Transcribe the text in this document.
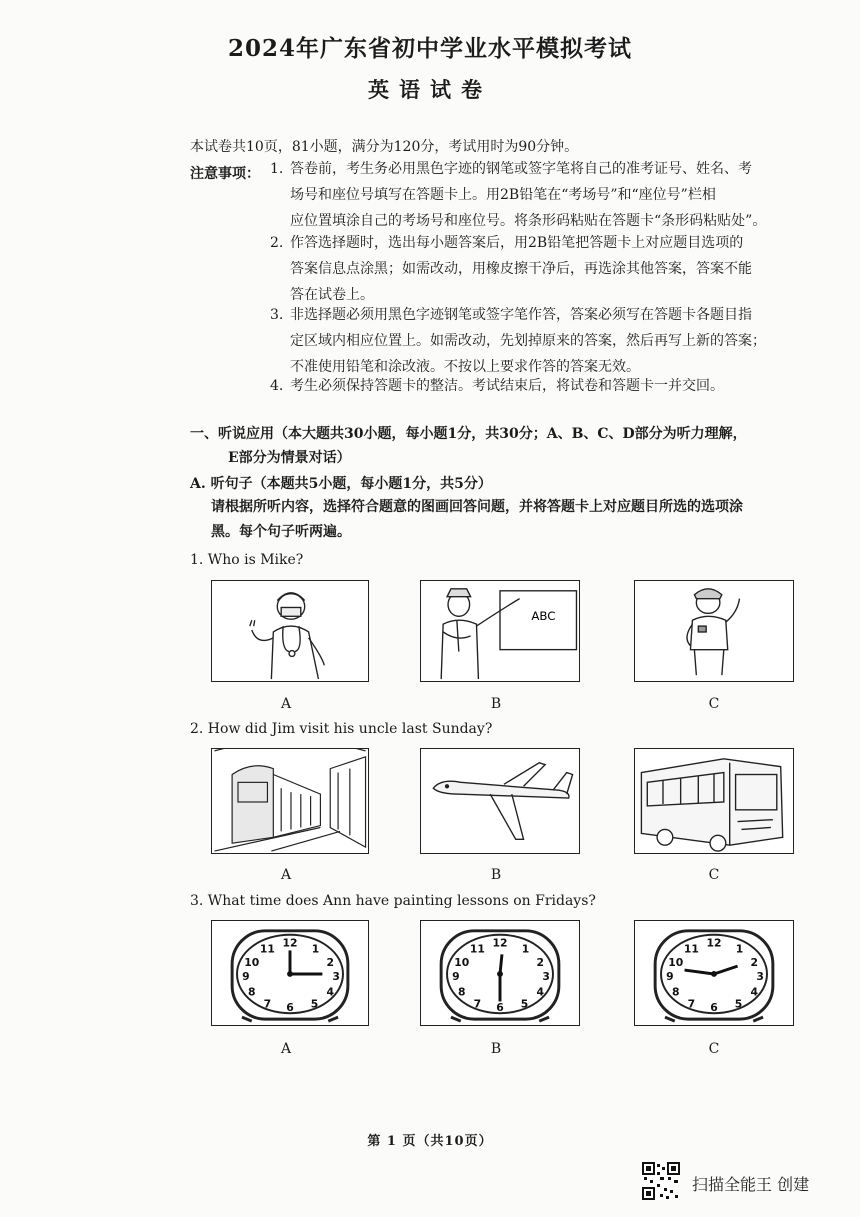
2024年广东省初中学业水平模拟考试
英语试卷
本试卷共10页，81小题，满分为120分，考试用时为90分钟。
注意事项： 1. 答卷前，考生务必用黑色字迹的钢笔或签字笔将自己的准考证号、姓名、考
场号和座位号填写在答题卡上。用2B铅笔在“考场号”和“座位号”栏相
应位置填涂自己的考场号和座位号。将条形码粘贴在答题卡“条形码粘贴处”。
2. 作答选择题时，选出每小题答案后，用2B铅笔把答题卡上对应题目选项的
答案信息点涂黑；如需改动，用橡皮擦干净后，再选涂其他答案，答案不能
答在试卷上。
3. 非选择题必须用黑色字迹钢笔或签字笔作答，答案必须写在答题卡各题目指
定区域内相应位置上。如需改动，先划掉原来的答案，然后再写上新的答案；
不准使用铅笔和涂改液。不按以上要求作答的答案无效。
4. 考生必须保持答题卡的整洁。考试结束后，将试卷和答题卡一并交回。
一、听说应用（本大题共30小题，每小题1分，共30分；A、B、C、D部分为听力理解，
E部分为情景对话）
A. 听句子（本题共5小题，每小题1分，共5分）
请根据所听内容，选择符合题意的图画回答问题，并将答题卡上对应题目所选的选项涂
黑。每个句子听两遍。
1. Who is Mike?
ABC
A	B	C
2. How did Jim visit his uncle last Sunday?
A	B	C
3. What time does Ann have painting lessons on Fridays?
12 1
2
3
4
5
6
7
8
9
10
11	12 1
2
3
4
5
6
7
8
9
10
11	12 1
2
3
4
5
6
7
8
9
10
11
A	B	C
第 1 页（共10页）
扫描全能王 创建
